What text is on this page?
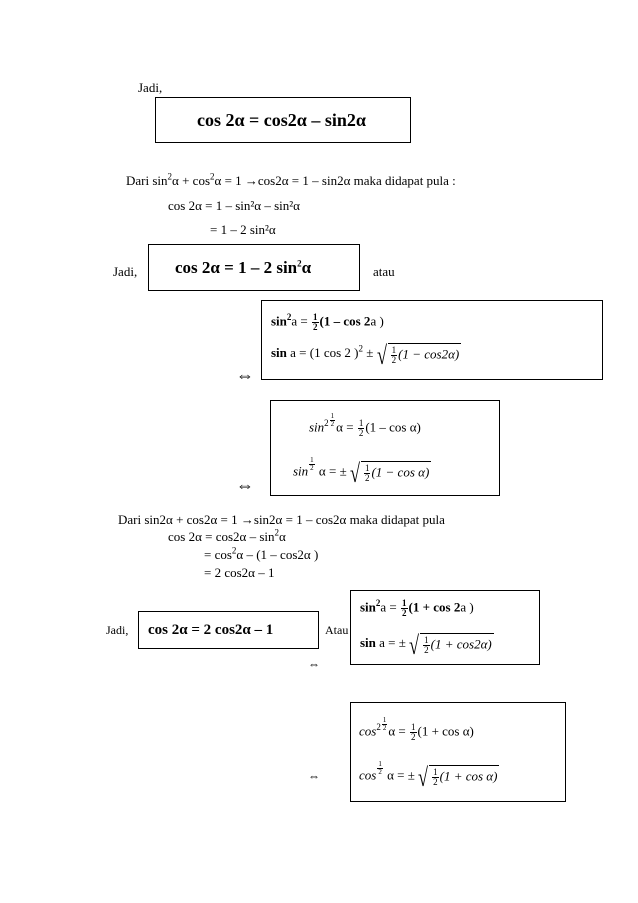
Jadi,
cos 2α = cos2α – sin2α
Dari $\sin^2\alpha + \cos^2\alpha = 1 \to\cos 2\alpha = 1 - \sin 2\alpha$ maka didapat pula :
cos 2α = 1 – sin²α – sin²α
= 1 – 2 sin²α
Jadi, cos 2α = 1 – 2 $\sin^2\alpha$	atau
$\sin^2a = \frac{1}{2} (1 - \cos 2a$ )
sin a = (1 cos 2 )$^2$ ± √ $\frac{1}{2} (1 - \cos 2\alpha)$
⇔
$\sin^2 \frac{1}{2}$ $\alpha = \frac{1}{2} (1 - \cos \alpha)$
$\sin \frac{1}{2}$ α = ± √ $\frac{1}{2} (1 - \cos \alpha)$
⇔
Dari sin2α + cos2α = 1 →sin2α = 1 – cos2α maka didapat pula
$\cos 2\alpha = \cos 2\alpha - \sin^2\alpha$
= $\cos^2\alpha - (1 - \cos 2\alpha$ )
= 2 cos2α – 1
Jadi, cos 2α = 2 cos2α – 1	Atau
$\sin^2a = \frac{1}{2} (1 + \cos 2a$ )
sin a = ± √ $\frac{1}{2} (1 + \cos 2\alpha)$
⇔
$\cos^2 \frac{1}{2}$ $\alpha = \frac{1}{2} (1 + \cos \alpha)$
$\cos \frac{1}{2}$ α = ± √ $\frac{1}{2} (1 + \cos \alpha)$
⇔
